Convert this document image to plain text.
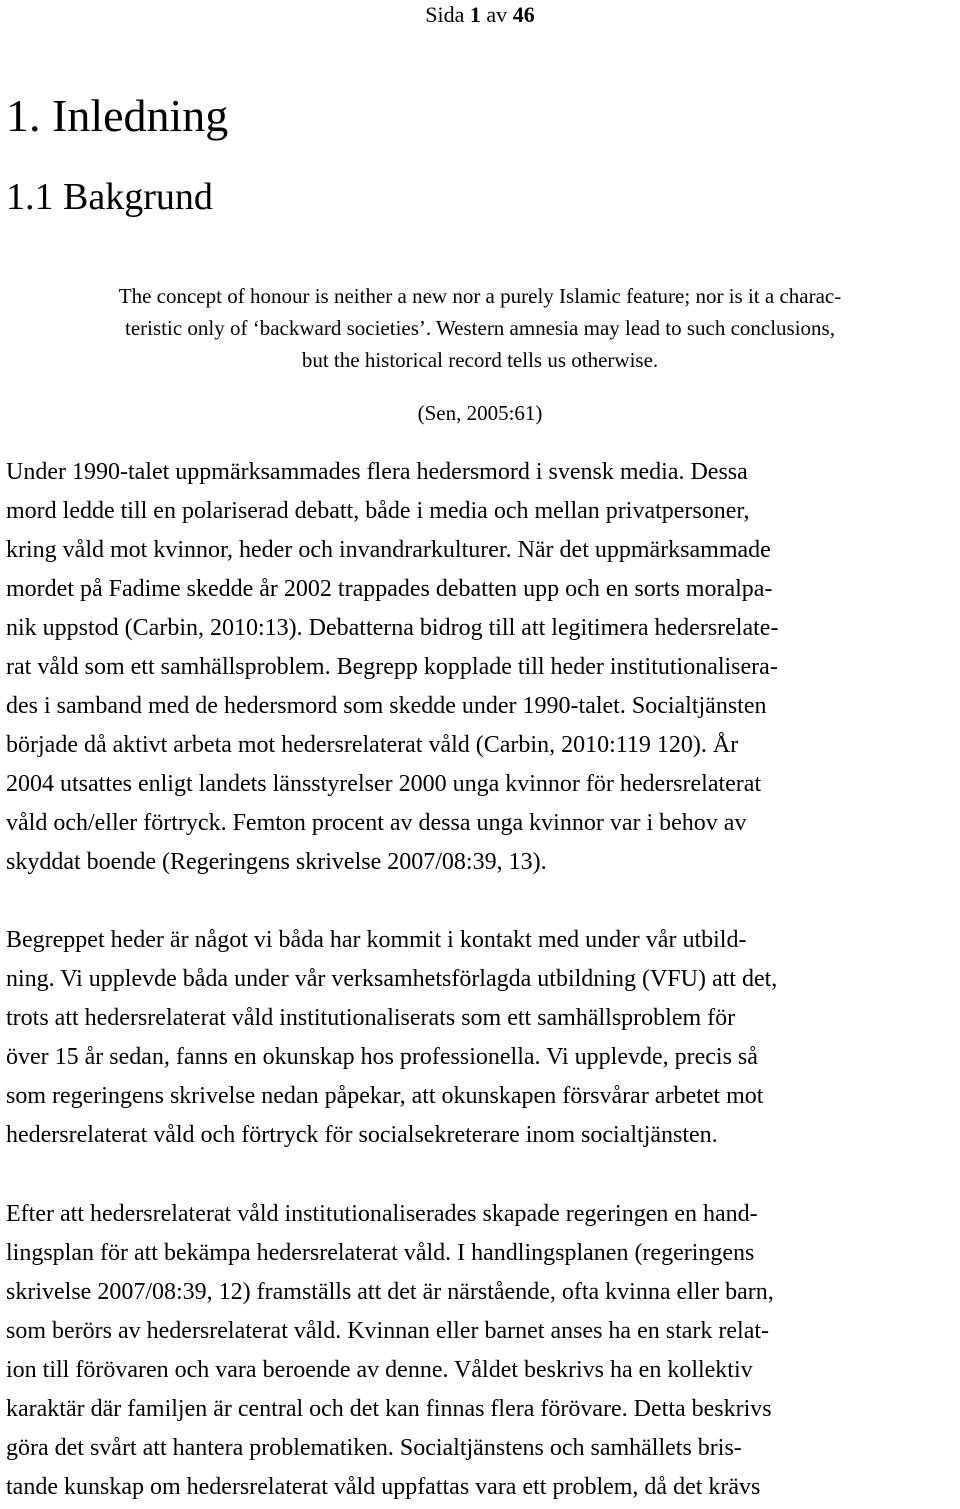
Sida 1 av 46
1. Inledning
1.1 Bakgrund
The concept of honour is neither a new nor a purely Islamic feature; nor is it a charac-
teristic only of ‘backward societies’. Western amnesia may lead to such conclusions,
but the historical record tells us otherwise.
(Sen, 2005:61)
Under 1990-talet uppmärksammades flera hedersmord i svensk media. Dessa
mord ledde till en polariserad debatt, både i media och mellan privatpersoner,
kring våld mot kvinnor, heder och invandrarkulturer. När det uppmärksammade
mordet på Fadime skedde år 2002 trappades debatten upp och en sorts moralpa-
nik uppstod (Carbin, 2010:13). Debatterna bidrog till att legitimera hedersrelate-
rat våld som ett samhällsproblem. Begrepp kopplade till heder institutionalisera-
des i samband med de hedersmord som skedde under 1990-talet. Socialtjänsten
började då aktivt arbeta mot hedersrelaterat våld (Carbin, 2010:119 120). År
2004 utsattes enligt landets länsstyrelser 2000 unga kvinnor för hedersrelaterat
våld och/eller förtryck. Femton procent av dessa unga kvinnor var i behov av
skyddat boende (Regeringens skrivelse 2007/08:39, 13).
Begreppet heder är något vi båda har kommit i kontakt med under vår utbild-
ning. Vi upplevde båda under vår verksamhetsförlagda utbildning (VFU) att det,
trots att hedersrelaterat våld institutionaliserats som ett samhällsproblem för
över 15 år sedan, fanns en okunskap hos professionella. Vi upplevde, precis så
som regeringens skrivelse nedan påpekar, att okunskapen försvårar arbetet mot
hedersrelaterat våld och förtryck för socialsekreterare inom socialtjänsten.
Efter att hedersrelaterat våld institutionaliserades skapade regeringen en hand-
lingsplan för att bekämpa hedersrelaterat våld. I handlingsplanen (regeringens
skrivelse 2007/08:39, 12) framställs att det är närstående, ofta kvinna eller barn,
som berörs av hedersrelaterat våld. Kvinnan eller barnet anses ha en stark relat-
ion till förövaren och vara beroende av denne. Våldet beskrivs ha en kollektiv
karaktär där familjen är central och det kan finnas flera förövare. Detta beskrivs
göra det svårt att hantera problematiken. Socialtjänstens och samhällets bris-
tande kunskap om hedersrelaterat våld uppfattas vara ett problem, då det krävs
